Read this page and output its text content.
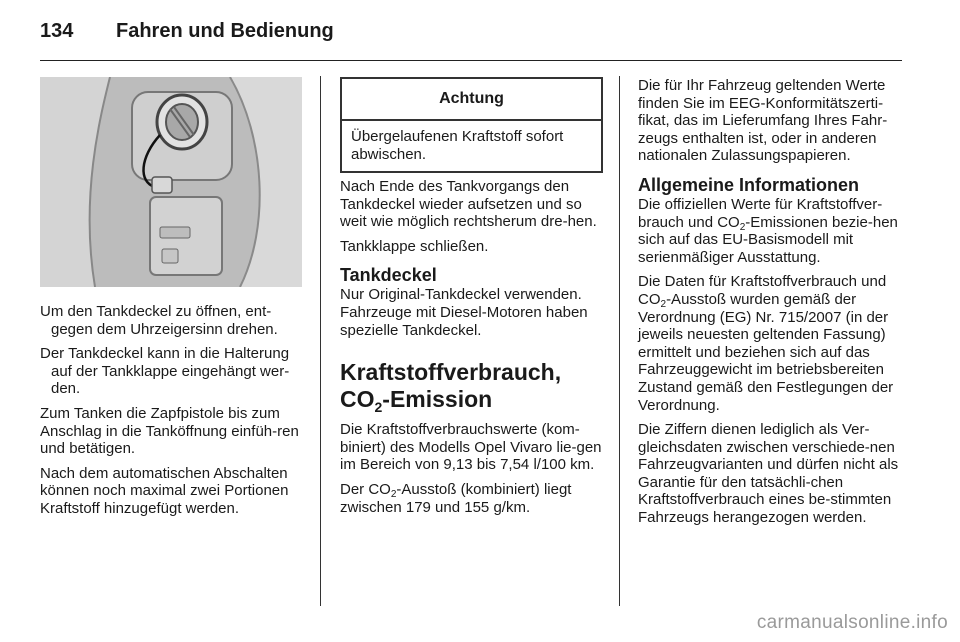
134 Fahren und Bedienung

Um den Tankdeckel zu öffnen, ent-gegen dem Uhrzeigersinn drehen.

Der Tankdeckel kann in die Halterung auf der Tankklappe eingehängt wer-den.

Zum Tanken die Zapfpistole bis zum Anschlag in die Tanköffnung einfüh-ren und betätigen.

Nach dem automatischen Abschalten können noch maximal zwei Portionen Kraftstoff hinzugefügt werden.

Achtung
Übergelaufenen Kraftstoff sofort abwischen.

Nach Ende des Tankvorgangs den Tankdeckel wieder aufsetzen und so weit wie möglich rechtsherum dre-hen.

Tankklappe schließen.

Tankdeckel

Nur Original-Tankdeckel verwenden. Fahrzeuge mit Diesel-Motoren haben spezielle Tankdeckel.

Kraftstoffverbrauch,
$CO_2$-Emission

Die Kraftstoffverbrauchswerte (kom-biniert) des Modells Opel Vivaro lie-gen im Bereich von 9,13 bis 7,54 l/100 km.

Der $CO_2$-Ausstoß (kombiniert) liegt zwischen 179 und 155 g/km.

Die für Ihr Fahrzeug geltenden Werte finden Sie im EEG-Konformitätszerti-fikat, das im Lieferumfang Ihres Fahr-zeugs enthalten ist, oder in anderen nationalen Zulassungspapieren.

Allgemeine Informationen

Die offiziellen Werte für Kraftstoffver-brauch und $CO_2$-Emissionen bezie-hen sich auf das EU-Basismodell mit serienmäßiger Ausstattung.

Die Daten für Kraftstoffverbrauch und $CO_2$-Ausstoß wurden gemäß der Verordnung (EG) Nr. 715/2007 (in der jeweils neuesten geltenden Fassung) ermittelt und beziehen sich auf das Fahrzeuggewicht im betriebsbereiten Zustand gemäß den Festlegungen der Verordnung.

Die Ziffern dienen lediglich als Ver-gleichsdaten zwischen verschiede-nen Fahrzeugvarianten und dürfen nicht als Garantie für den tatsächli-chen Kraftstoffverbrauch eines be-stimmten Fahrzeugs herangezogen werden.

carmanualsonline.info
